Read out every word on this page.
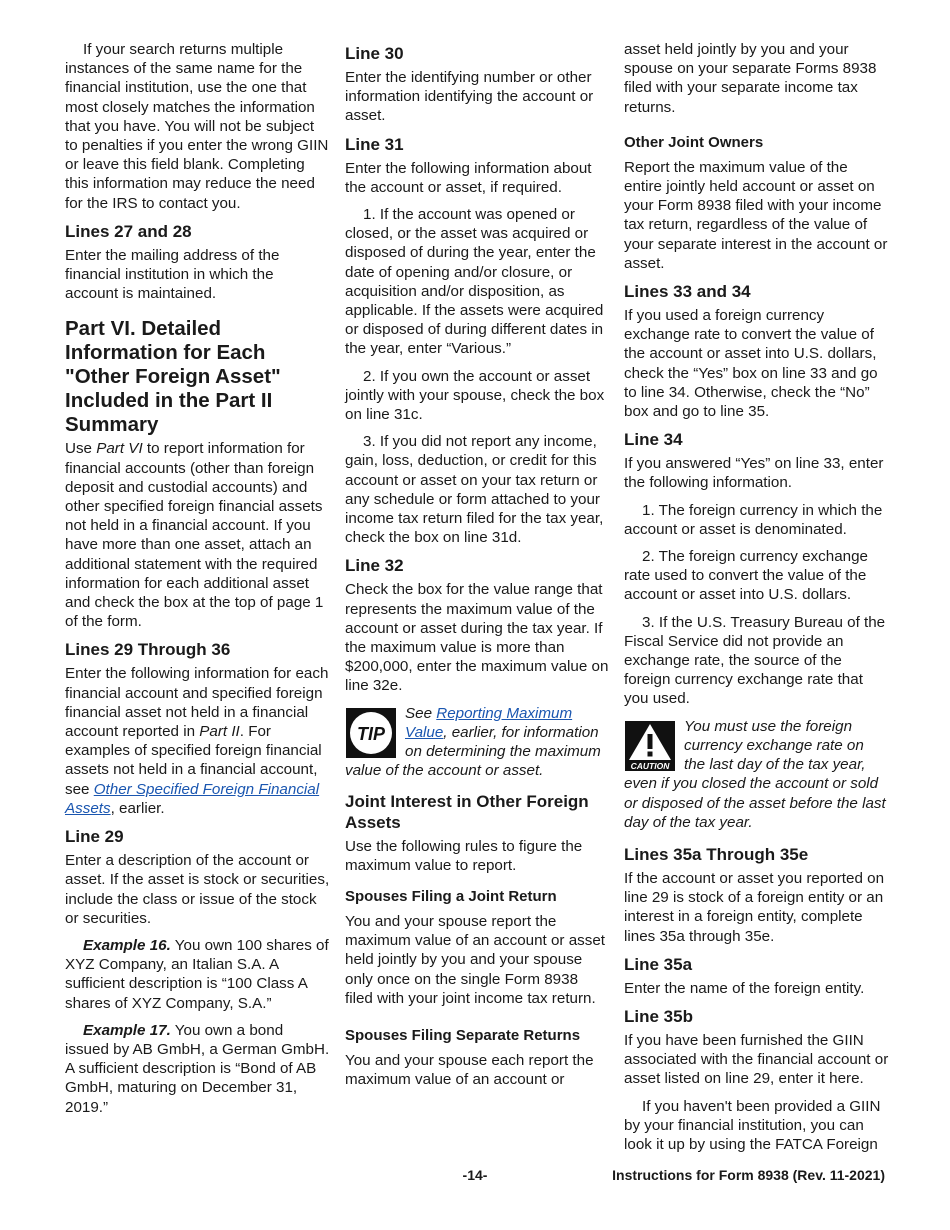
If your search returns multiple instances of the same name for the financial institution, use the one that most closely matches the information that you have. You will not be subject to penalties if you enter the wrong GIIN or leave this field blank. Completing this information may reduce the need for the IRS to contact you.

Lines 27 and 28

Enter the mailing address of the financial institution in which the account is maintained.

Part VI. Detailed Information for Each "Other Foreign Asset" Included in the Part II Summary

Use Part VI to report information for financial accounts (other than foreign deposit and custodial accounts) and other specified foreign financial assets not held in a financial account. If you have more than one asset, attach an additional statement with the required information for each additional asset and check the box at the top of page 1 of the form.

Lines 29 Through 36

Enter the following information for each financial account and specified foreign financial asset not held in a financial account reported in Part II. For examples of specified foreign financial assets not held in a financial account, see Other Specified Foreign Financial Assets, earlier.

Line 29

Enter a description of the account or asset. If the asset is stock or securities, include the class or issue of the stock or securities.

Example 16. You own 100 shares of XYZ Company, an Italian S.A. A sufficient description is “100 Class A shares of XYZ Company, S.A.”

Example 17. You own a bond issued by AB GmbH, a German GmbH. A sufficient description is “Bond of AB GmbH, maturing on December 31, 2019.”

Line 30

Enter the identifying number or other information identifying the account or asset.

Line 31

Enter the following information about the account or asset, if required.

1. If the account was opened or closed, or the asset was acquired or disposed of during the year, enter the date of opening and/or closure, or acquisition and/or disposition, as applicable. If the assets were acquired or disposed of during different dates in the year, enter “Various.”

2. If you own the account or asset jointly with your spouse, check the box on line 31c.

3. If you did not report any income, gain, loss, deduction, or credit for this account or asset on your tax return or any schedule or form attached to your income tax return filed for the tax year, check the box on line 31d.

Line 32

Check the box for the value range that represents the maximum value of the account or asset during the tax year. If the maximum value is more than $200,000, enter the maximum value on line 32e.

TIP
See Reporting Maximum Value, earlier, for information on determining the maximum value of the account or asset.
Joint Interest in Other Foreign Assets

Use the following rules to figure the maximum value to report.

Spouses Filing a Joint Return

You and your spouse report the maximum value of an account or asset held jointly by you and your spouse only once on the single Form 8938 filed with your joint income tax return.

Spouses Filing Separate Returns

You and your spouse each report the maximum value of an account or

asset held jointly by you and your spouse on your separate Forms 8938 filed with your separate income tax returns.

Other Joint Owners

Report the maximum value of the entire jointly held account or asset on your Form 8938 filed with your income tax return, regardless of the value of your separate interest in the account or asset.

Lines 33 and 34

If you used a foreign currency exchange rate to convert the value of the account or asset into U.S. dollars, check the “Yes” box on line 33 and go to line 34. Otherwise, check the “No” box and go to line 35.

Line 34

If you answered “Yes” on line 33, enter the following information.

1. The foreign currency in which the account or asset is denominated.

2. The foreign currency exchange rate used to convert the value of the account or asset into U.S. dollars.

3. If the U.S. Treasury Bureau of the Fiscal Service did not provide an exchange rate, the source of the foreign currency exchange rate that you used.

CAUTION
You must use the foreign currency exchange rate on the last day of the tax year, even if you closed the account or sold or disposed of the asset before the last day of the tax year.
Lines 35a Through 35e

If the account or asset you reported on line 29 is stock of a foreign entity or an interest in a foreign entity, complete lines 35a through 35e.

Line 35a

Enter the name of the foreign entity.

Line 35b

If you have been furnished the GIIN associated with the financial account or asset listed on line 29, enter it here.

If you haven't been provided a GIIN by your financial institution, you can look it up by using the FATCA Foreign

-14-	Instructions for Form 8938 (Rev. 11-2021)
